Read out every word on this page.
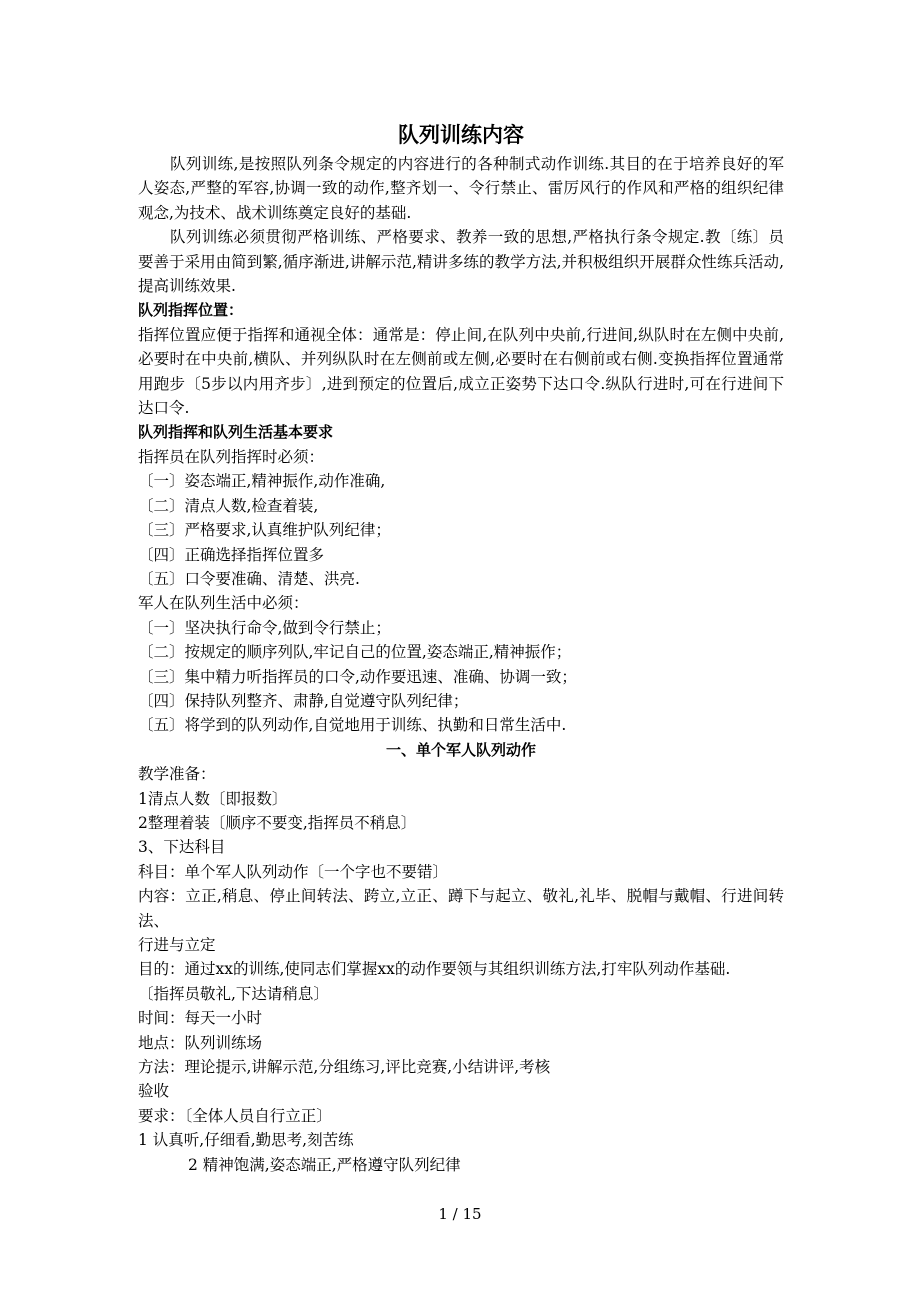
队列训练内容

队列训练,是按照队列条令规定的内容进行的各种制式动作训练.其目的在于培养良好的军人姿态,严整的军容,协调一致的动作,整齐划一、令行禁止、雷厉风行的作风和严格的组织纪律观念,为技术、战术训练奠定良好的基础.

队列训练必须贯彻严格训练、严格要求、教养一致的思想,严格执行条令规定.教〔练〕员要善于采用由简到繁,循序渐进,讲解示范,精讲多练的教学方法,并积极组织开展群众性练兵活动,提高训练效果.

队列指挥位置：

指挥位置应便于指挥和通视全体：通常是：停止间,在队列中央前,行进间,纵队时在左侧中央前,必要时在中央前,横队、并列纵队时在左侧前或左侧,必要时在右侧前或右侧.变换指挥位置通常用跑步〔5步以内用齐步〕,进到预定的位置后,成立正姿势下达口令.纵队行进时,可在行进间下达口令.

队列指挥和队列生活基本要求

指挥员在队列指挥时必须：

〔一〕姿态端正,精神振作,动作准确,

〔二〕清点人数,检查着装,

〔三〕严格要求,认真维护队列纪律；

〔四〕正确选择指挥位置多

〔五〕口令要准确、清楚、洪亮.

军人在队列生活中必须：

〔一〕坚决执行命令,做到令行禁止；

〔二〕按规定的顺序列队,牢记自己的位置,姿态端正,精神振作；

〔三〕集中精力听指挥员的口令,动作要迅速、准确、协调一致；

〔四〕保持队列整齐、肃静,自觉遵守队列纪律；

〔五〕将学到的队列动作,自觉地用于训练、执勤和日常生活中.

一、单个军人队列动作

教学准备：

1清点人数〔即报数〕

2整理着装〔顺序不要变,指挥员不稍息〕

3、下达科目

科目：单个军人队列动作〔一个字也不要错〕

内容：立正,稍息、停止间转法、跨立,立正、蹲下与起立、敬礼,礼毕、脱帽与戴帽、行进间转法、

行进与立定

目的：通过xx的训练,使同志们掌握xx的动作要领与其组织训练方法,打牢队列动作基础.

〔指挥员敬礼,下达请稍息〕

时间：每天一小时

地点：队列训练场

方法：理论提示,讲解示范,分组练习,评比竞赛,小结讲评,考核

验收

要求：〔全体人员自行立正〕

1 认真听,仔细看,勤思考,刻苦练

2 精神饱满,姿态端正,严格遵守队列纪律

1 / 15
